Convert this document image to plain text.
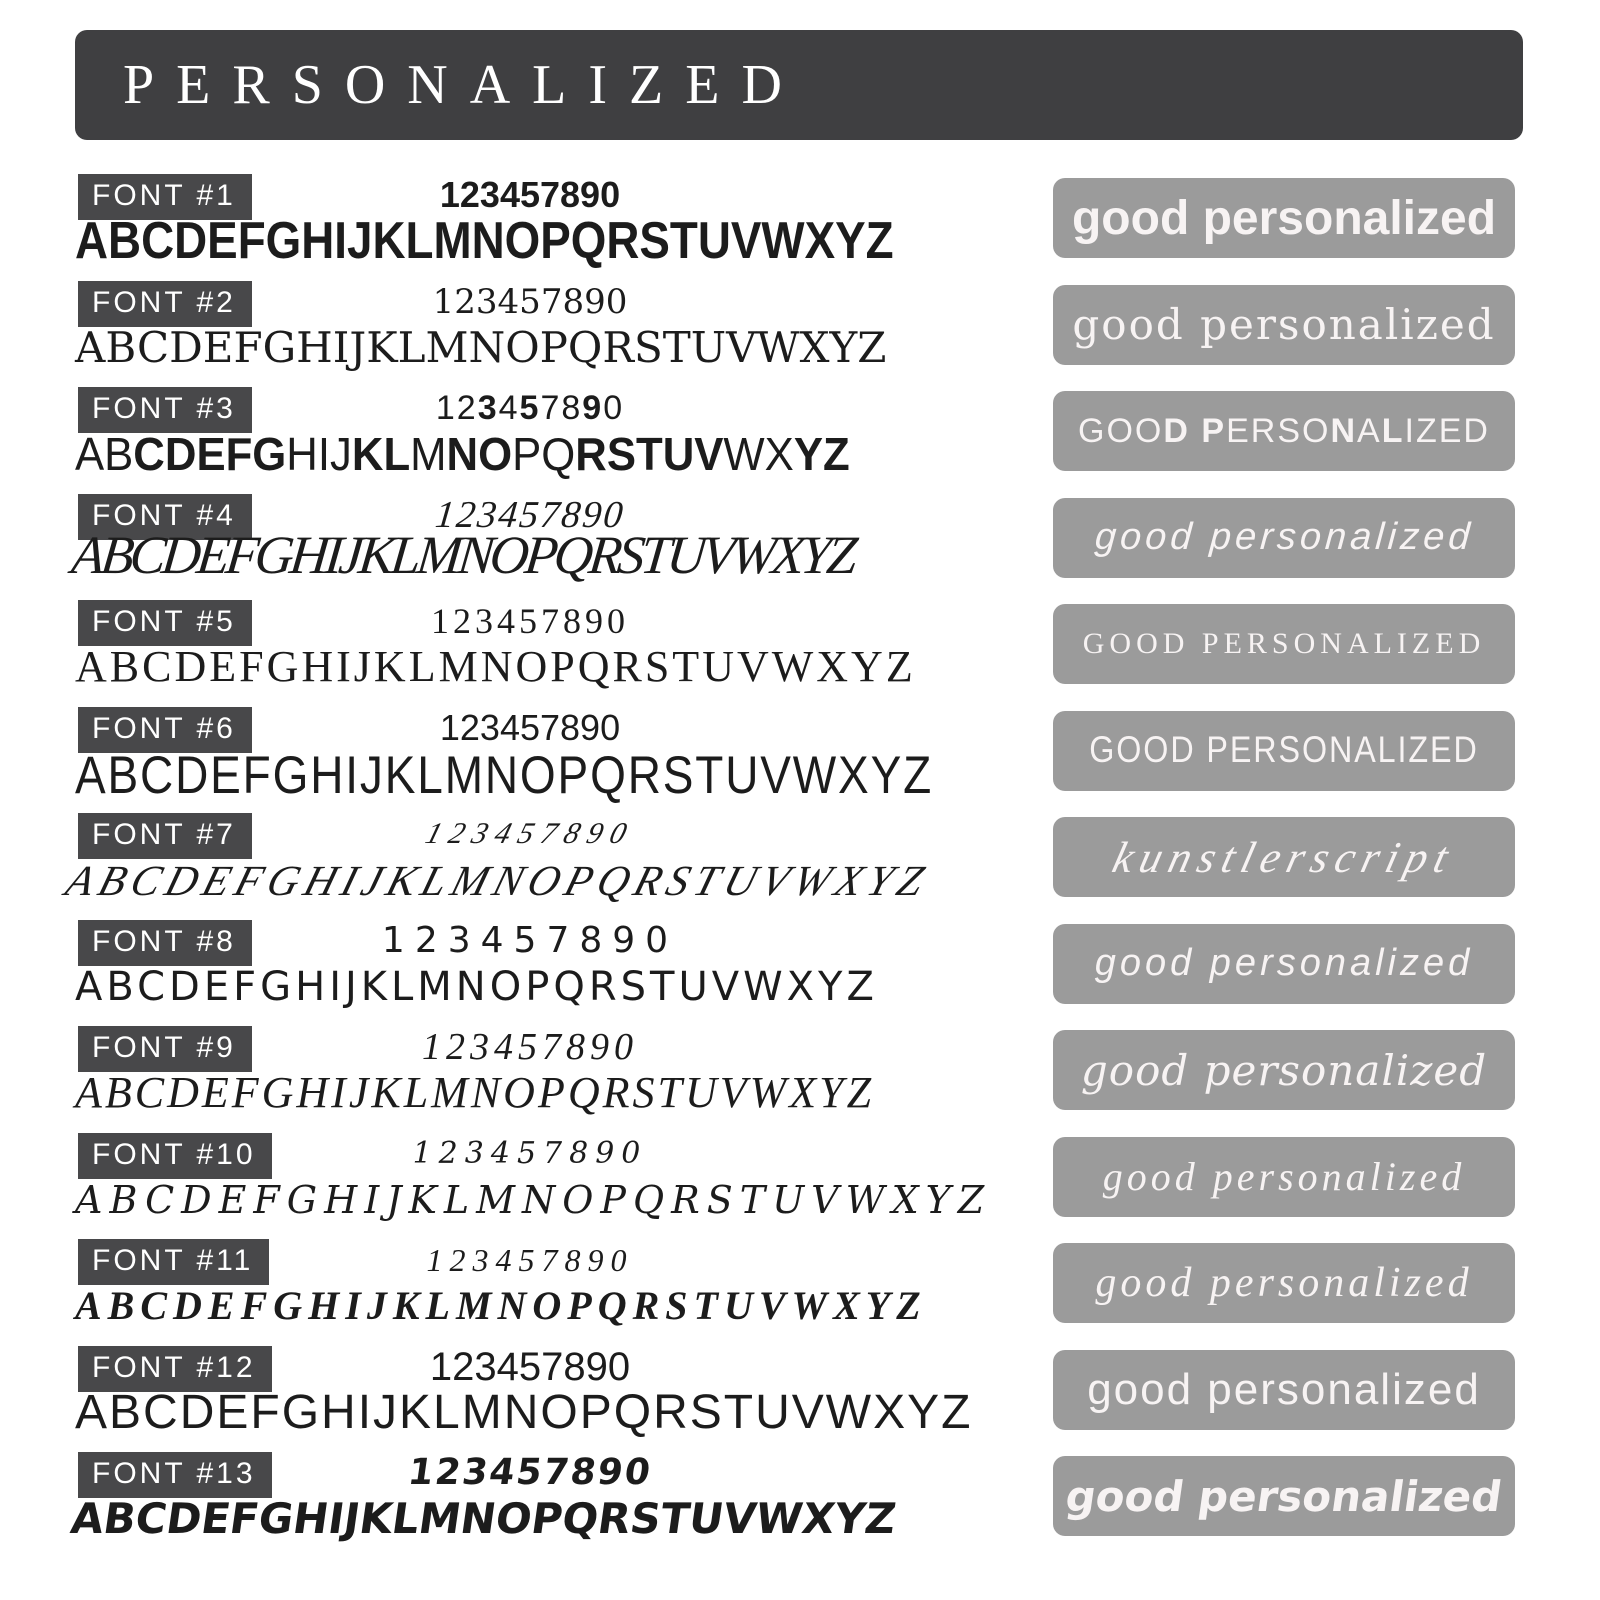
PERSONALIZED
FONT #1	123457890
ABCDEFGHIJKLMNOPQRSTUVWXYZ
FONT #2	123457890
ABCDEFGHIJKLMNOPQRSTUVWXYZ
FONT #3	123457890
ABCDEFGHIJKLMNOPQRSTUVWXYZ
FONT #4	123457890
ABCDEFGHIJKLMNOPQRSTUVWXYZ
FONT #5	123457890
ABCDEFGHIJKLMNOPQRSTUVWXYZ
FONT #6	123457890
ABCDEFGHIJKLMNOPQRSTUVWXYZ
FONT #7	123457890
ABCDEFGHIJKLMNOPQRSTUVWXYZ
FONT #8	123457890
ABCDEFGHIJKLMNOPQRSTUVWXYZ
FONT #9	123457890
ABCDEFGHIJKLMNOPQRSTUVWXYZ
FONT #10	123457890
ABCDEFGHIJKLMNOPQRSTUVWXYZ
FONT #11	123457890
ABCDEFGHIJKLMNOPQRSTUVWXYZ
FONT #12	123457890
ABCDEFGHIJKLMNOPQRSTUVWXYZ
FONT #13	123457890
ABCDEFGHIJKLMNOPQRSTUVWXYZ
good personalized
good personalized
GOOD PERSONALIZED
good personalized
GOOD PERSONALIZED
GOOD PERSONALIZED
kunstlerscript
good personalized
good personalized
good personalized
good personalized
good personalized
good personalized
